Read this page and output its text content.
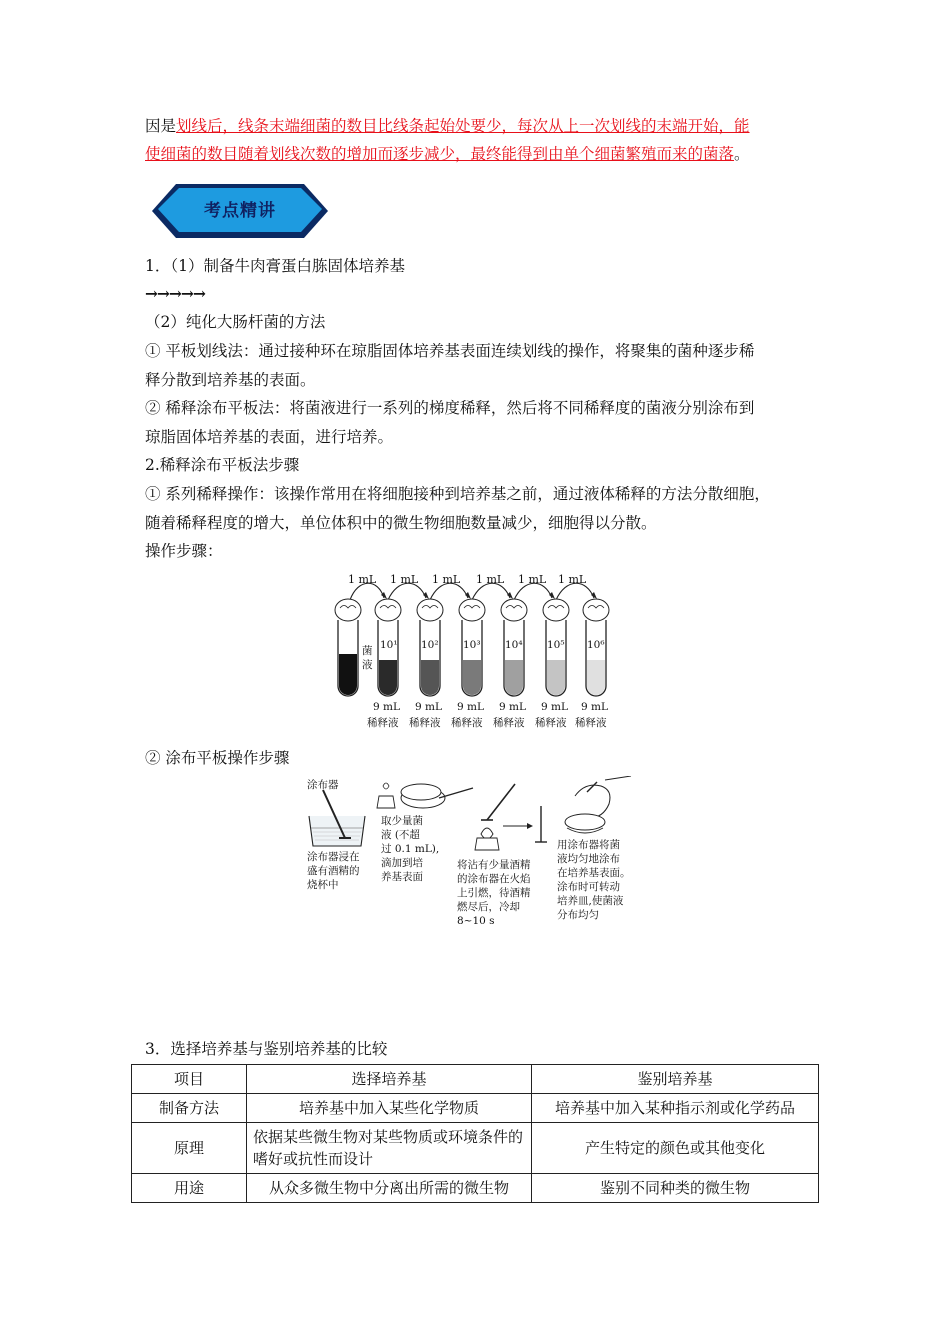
因是划线后，线条末端细菌的数目比线条起始处要少，每次从上一次划线的末端开始，能
使细菌的数目随着划线次数的增加而逐步减少，最终能得到由单个细菌繁殖而来的菌落。
考点精讲
1．（1）制备牛肉膏蛋白胨固体培养基
→→→→→
（2）纯化大肠杆菌的方法
① 平板划线法：通过接种环在琼脂固体培养基表面连续划线的操作，将聚集的菌种逐步稀
释分散到培养基的表面。
② 稀释涂布平板法：将菌液进行一系列的梯度稀释，然后将不同稀释度的菌液分别涂布到
琼脂固体培养基的表面，进行培养。
2.稀释涂布平板法步骤
① 系列稀释操作：该操作常用在将细胞接种到培养基之前，通过液体稀释的方法分散细胞，
随着稀释程度的增大，单位体积中的微生物细胞数量减少，细胞得以分散。
操作步骤：
1 mL 1 mL 1 mL 1 mL 1 mL 1 mL
菌
液
10¹ 10² 10³ 10⁴ 10⁵ 10⁶
9 mL 9 mL 9 mL 9 mL 9 mL 9 mL
稀释液 稀释液 稀释液 稀释液 稀释液 稀释液
② 涂布平板操作步骤
涂布器
涂布器浸在
盛有酒精的
烧杯中
取少量菌
液 (不超
过 0.1 mL),
滴加到培
养基表面
将沾有少量酒精
的涂布器在火焰
上引燃，待酒精
燃尽后，冷却
8~10 s
用涂布器将菌
液均匀地涂布
在培养基表面。
涂布时可转动
培养皿,使菌液
分布均匀
3．选择培养基与鉴别培养基的比较
项目	选择培养基	鉴别培养基
制备方法	培养基中加入某些化学物质	培养基中加入某种指示剂或化学药品
原理	依据某些微生物对某些物质或环境条件的嗜好或抗性而设计	产生特定的颜色或其他变化
用途	从众多微生物中分离出所需的微生物	鉴别不同种类的微生物
